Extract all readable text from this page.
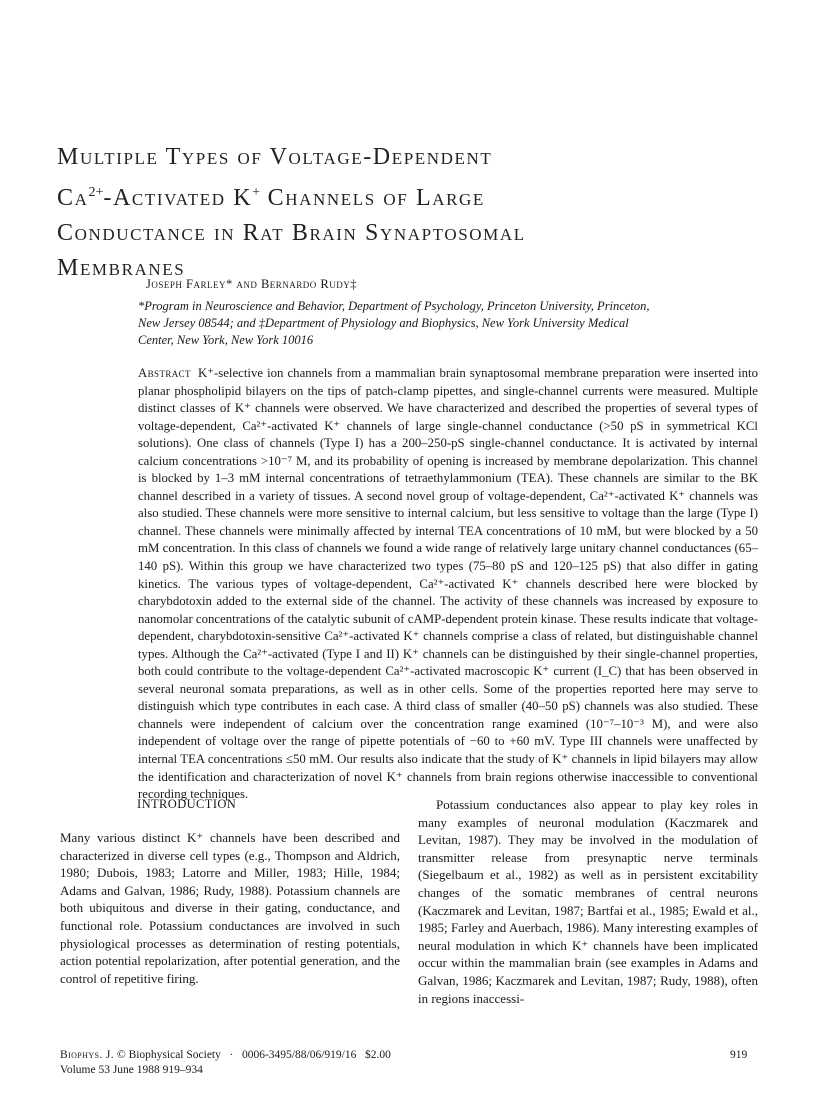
Multiple Types of Voltage-Dependent
$Ca^{2+}$-Activated K+ Channels of Large
Conductance in Rat Brain Synaptosomal
Membranes
Joseph Farley* and Bernardo Rudy‡
*Program in Neuroscience and Behavior, Department of Psychology, Princeton University, Princeton,
New Jersey 08544; and ‡Department of Physiology and Biophysics, New York University Medical
Center, New York, New York 10016

Abstract K⁺-selective ion channels from a mammalian brain synaptosomal membrane preparation were inserted into planar phospholipid bilayers on the tips of patch-clamp pipettes, and single-channel currents were measured. Multiple distinct classes of K⁺ channels were observed. We have characterized and described the properties of several types of voltage-dependent, Ca²⁺-activated K⁺ channels of large single-channel conductance (>50 pS in symmetrical KCl solutions). One class of channels (Type I) has a 200–250-pS single-channel conductance. It is activated by internal calcium concentrations >10⁻⁷ M, and its probability of opening is increased by membrane depolarization. This channel is blocked by 1–3 mM internal concentrations of tetraethylammonium (TEA). These channels are similar to the BK channel described in a variety of tissues. A second novel group of voltage-dependent, Ca²⁺-activated K⁺ channels was also studied. These channels were more sensitive to internal calcium, but less sensitive to voltage than the large (Type I) channel. These channels were minimally affected by internal TEA concentrations of 10 mM, but were blocked by a 50 mM concentration. In this class of channels we found a wide range of relatively large unitary channel conductances (65–140 pS). Within this group we have characterized two types (75–80 pS and 120–125 pS) that also differ in gating kinetics. The various types of voltage-dependent, Ca²⁺-activated K⁺ channels described here were blocked by charybdotoxin added to the external side of the channel. The activity of these channels was increased by exposure to nanomolar concentrations of the catalytic subunit of cAMP-dependent protein kinase. These results indicate that voltage-dependent, charybdotoxin-sensitive Ca²⁺-activated K⁺ channels comprise a class of related, but distinguishable channel types. Although the Ca²⁺-activated (Type I and II) K⁺ channels can be distinguished by their single-channel properties, both could contribute to the voltage-dependent Ca²⁺-activated macroscopic K⁺ current (I_C) that has been observed in several neuronal somata preparations, as well as in other cells. Some of the properties reported here may serve to distinguish which type contributes in each case. A third class of smaller (40–50 pS) channels was also studied. These channels were independent of calcium over the concentration range examined (10⁻⁷–10⁻³ M), and were also independent of voltage over the range of pipette potentials of −60 to +60 mV. Type III channels were unaffected by internal TEA concentrations ≤50 mM. Our results also indicate that the study of K⁺ channels in lipid bilayers may allow the identification and characterization of novel K⁺ channels from brain regions otherwise inaccessible to conventional recording techniques.

INTRODUCTION

Many various distinct K⁺ channels have been described and characterized in diverse cell types (e.g., Thompson and Aldrich, 1980; Dubois, 1983; Latorre and Miller, 1983; Hille, 1984; Adams and Galvan, 1986; Rudy, 1988). Potassium channels are both ubiquitous and diverse in their gating, conductance, and functional role. Potassium conductances are involved in such physiological processes as determination of resting potentials, action potential repolarization, after potential generation, and the control of repetitive firing.

Potassium conductances also appear to play key roles in many examples of neuronal modulation (Kaczmarek and Levitan, 1987). They may be involved in the modulation of transmitter release from presynaptic nerve terminals (Siegelbaum et al., 1982) as well as in persistent excitability changes of the somatic membranes of central neurons (Kaczmarek and Levitan, 1987; Bartfai et al., 1985; Ewald et al., 1985; Farley and Auerbach, 1986). Many interesting examples of neural modulation in which K⁺ channels have been implicated occur within the mammalian brain (see examples in Adams and Galvan, 1986; Kaczmarek and Levitan, 1987; Rudy, 1988), often in regions inaccessi-

Biophys. J. © Biophysical Society · 0006-3495/88/06/919/16 $2.00	919
Volume 53 June 1988 919–934
